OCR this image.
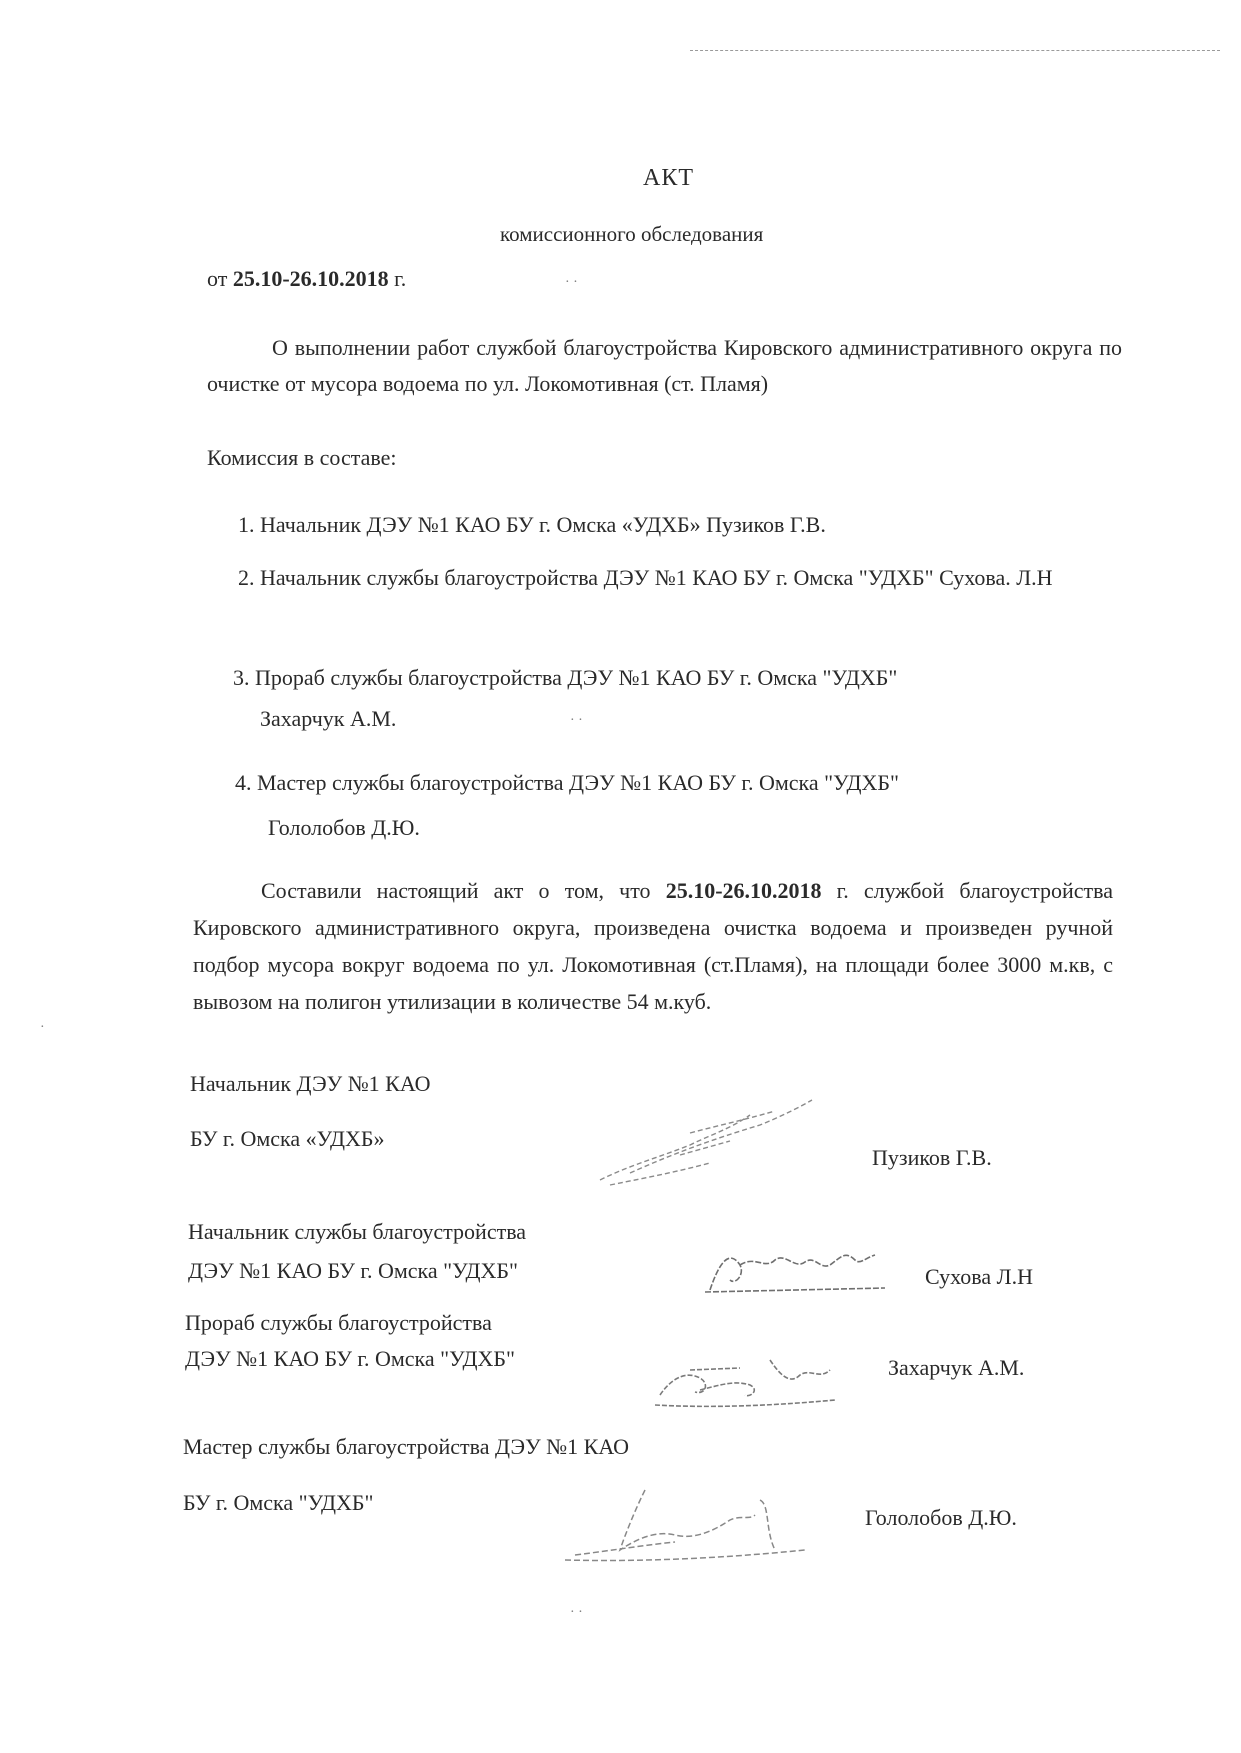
АКТ
комиссионного обследования
от 25.10-26.10.2018 г.
О выполнении работ службой благоустройства Кировского административного округа по очистке от мусора водоема по ул. Локомотивная (ст. Пламя)
Комиссия в составе:
1. Начальник ДЭУ №1 КАО БУ г. Омска «УДХБ» Пузиков Г.В.
2. Начальник службы благоустройства ДЭУ №1 КАО БУ г. Омска "УДХБ" Сухова. Л.Н
3. Прораб службы благоустройства ДЭУ №1 КАО БУ г. Омска "УДХБ"
Захарчук А.М.
4. Мастер службы благоустройства ДЭУ №1 КАО БУ г. Омска "УДХБ"
Гололобов Д.Ю.
Составили настоящий акт о том, что 25.10-26.10.2018 г. службой благоустройства Кировского административного округа, произведена очистка водоема и произведен ручной подбор мусора вокруг водоема по ул. Локомотивная (ст.Пламя), на площади более 3000 м.кв, с вывозом на полигон утилизации в количестве 54 м.куб.
Начальник ДЭУ №1 КАО
БУ г. Омска «УДХБ»
Пузиков Г.В.
Начальник службы благоустройства
ДЭУ №1 КАО БУ г. Омска "УДХБ"	Сухова Л.Н
Прораб службы благоустройства
ДЭУ №1 КАО БУ г. Омска "УДХБ"	Захарчук А.М.
Мастер службы благоустройства ДЭУ №1 КАО
БУ г. Омска "УДХБ"
Гололобов Д.Ю.
· ·
· ·
· ·
·
